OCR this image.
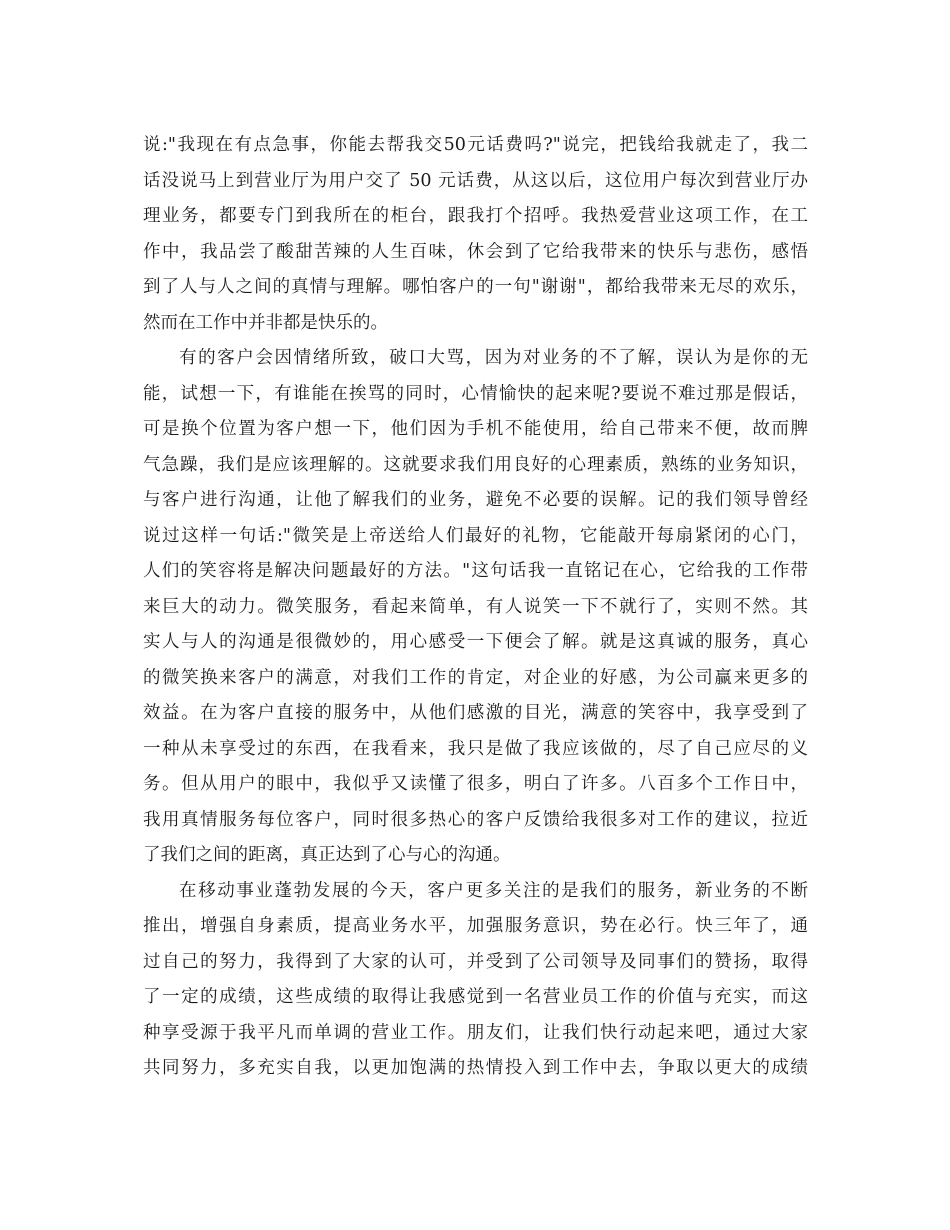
说:"我现在有点急事，你能去帮我交50元话费吗?"说完，把钱给我就走了，我二
话没说马上到营业厅为用户交了 50 元话费，从这以后，这位用户每次到营业厅办
理业务，都要专门到我所在的柜台，跟我打个招呼。我热爱营业这项工作，在工
作中，我品尝了酸甜苦辣的人生百味，休会到了它给我带来的快乐与悲伤，感悟
到了人与人之间的真情与理解。哪怕客户的一句"谢谢"，都给我带来无尽的欢乐，
然而在工作中并非都是快乐的。
有的客户会因情绪所致，破口大骂，因为对业务的不了解，误认为是你的无
能，试想一下，有谁能在挨骂的同时，心情愉快的起来呢?要说不难过那是假话，
可是换个位置为客户想一下，他们因为手机不能使用，给自己带来不便，故而脾
气急躁，我们是应该理解的。这就要求我们用良好的心理素质，熟练的业务知识，
与客户进行沟通，让他了解我们的业务，避免不必要的误解。记的我们领导曾经
说过这样一句话:"微笑是上帝送给人们最好的礼物，它能敲开每扇紧闭的心门，
人们的笑容将是解决问题最好的方法。"这句话我一直铭记在心，它给我的工作带
来巨大的动力。微笑服务，看起来简单，有人说笑一下不就行了，实则不然。其
实人与人的沟通是很微妙的，用心感受一下便会了解。就是这真诚的服务，真心
的微笑换来客户的满意，对我们工作的肯定，对企业的好感，为公司赢来更多的
效益。在为客户直接的服务中，从他们感激的目光，满意的笑容中，我享受到了
一种从未享受过的东西，在我看来，我只是做了我应该做的，尽了自己应尽的义
务。但从用户的眼中，我似乎又读懂了很多，明白了许多。八百多个工作日中，
我用真情服务每位客户，同时很多热心的客户反馈给我很多对工作的建议，拉近
了我们之间的距离，真正达到了心与心的沟通。
在移动事业蓬勃发展的今天，客户更多关注的是我们的服务，新业务的不断
推出，增强自身素质，提高业务水平，加强服务意识，势在必行。快三年了，通
过自己的努力，我得到了大家的认可，并受到了公司领导及同事们的赞扬，取得
了一定的成绩，这些成绩的取得让我感觉到一名营业员工作的价值与充实，而这
种享受源于我平凡而单调的营业工作。朋友们，让我们快行动起来吧，通过大家
共同努力，多充实自我，以更加饱满的热情投入到工作中去，争取以更大的成绩
